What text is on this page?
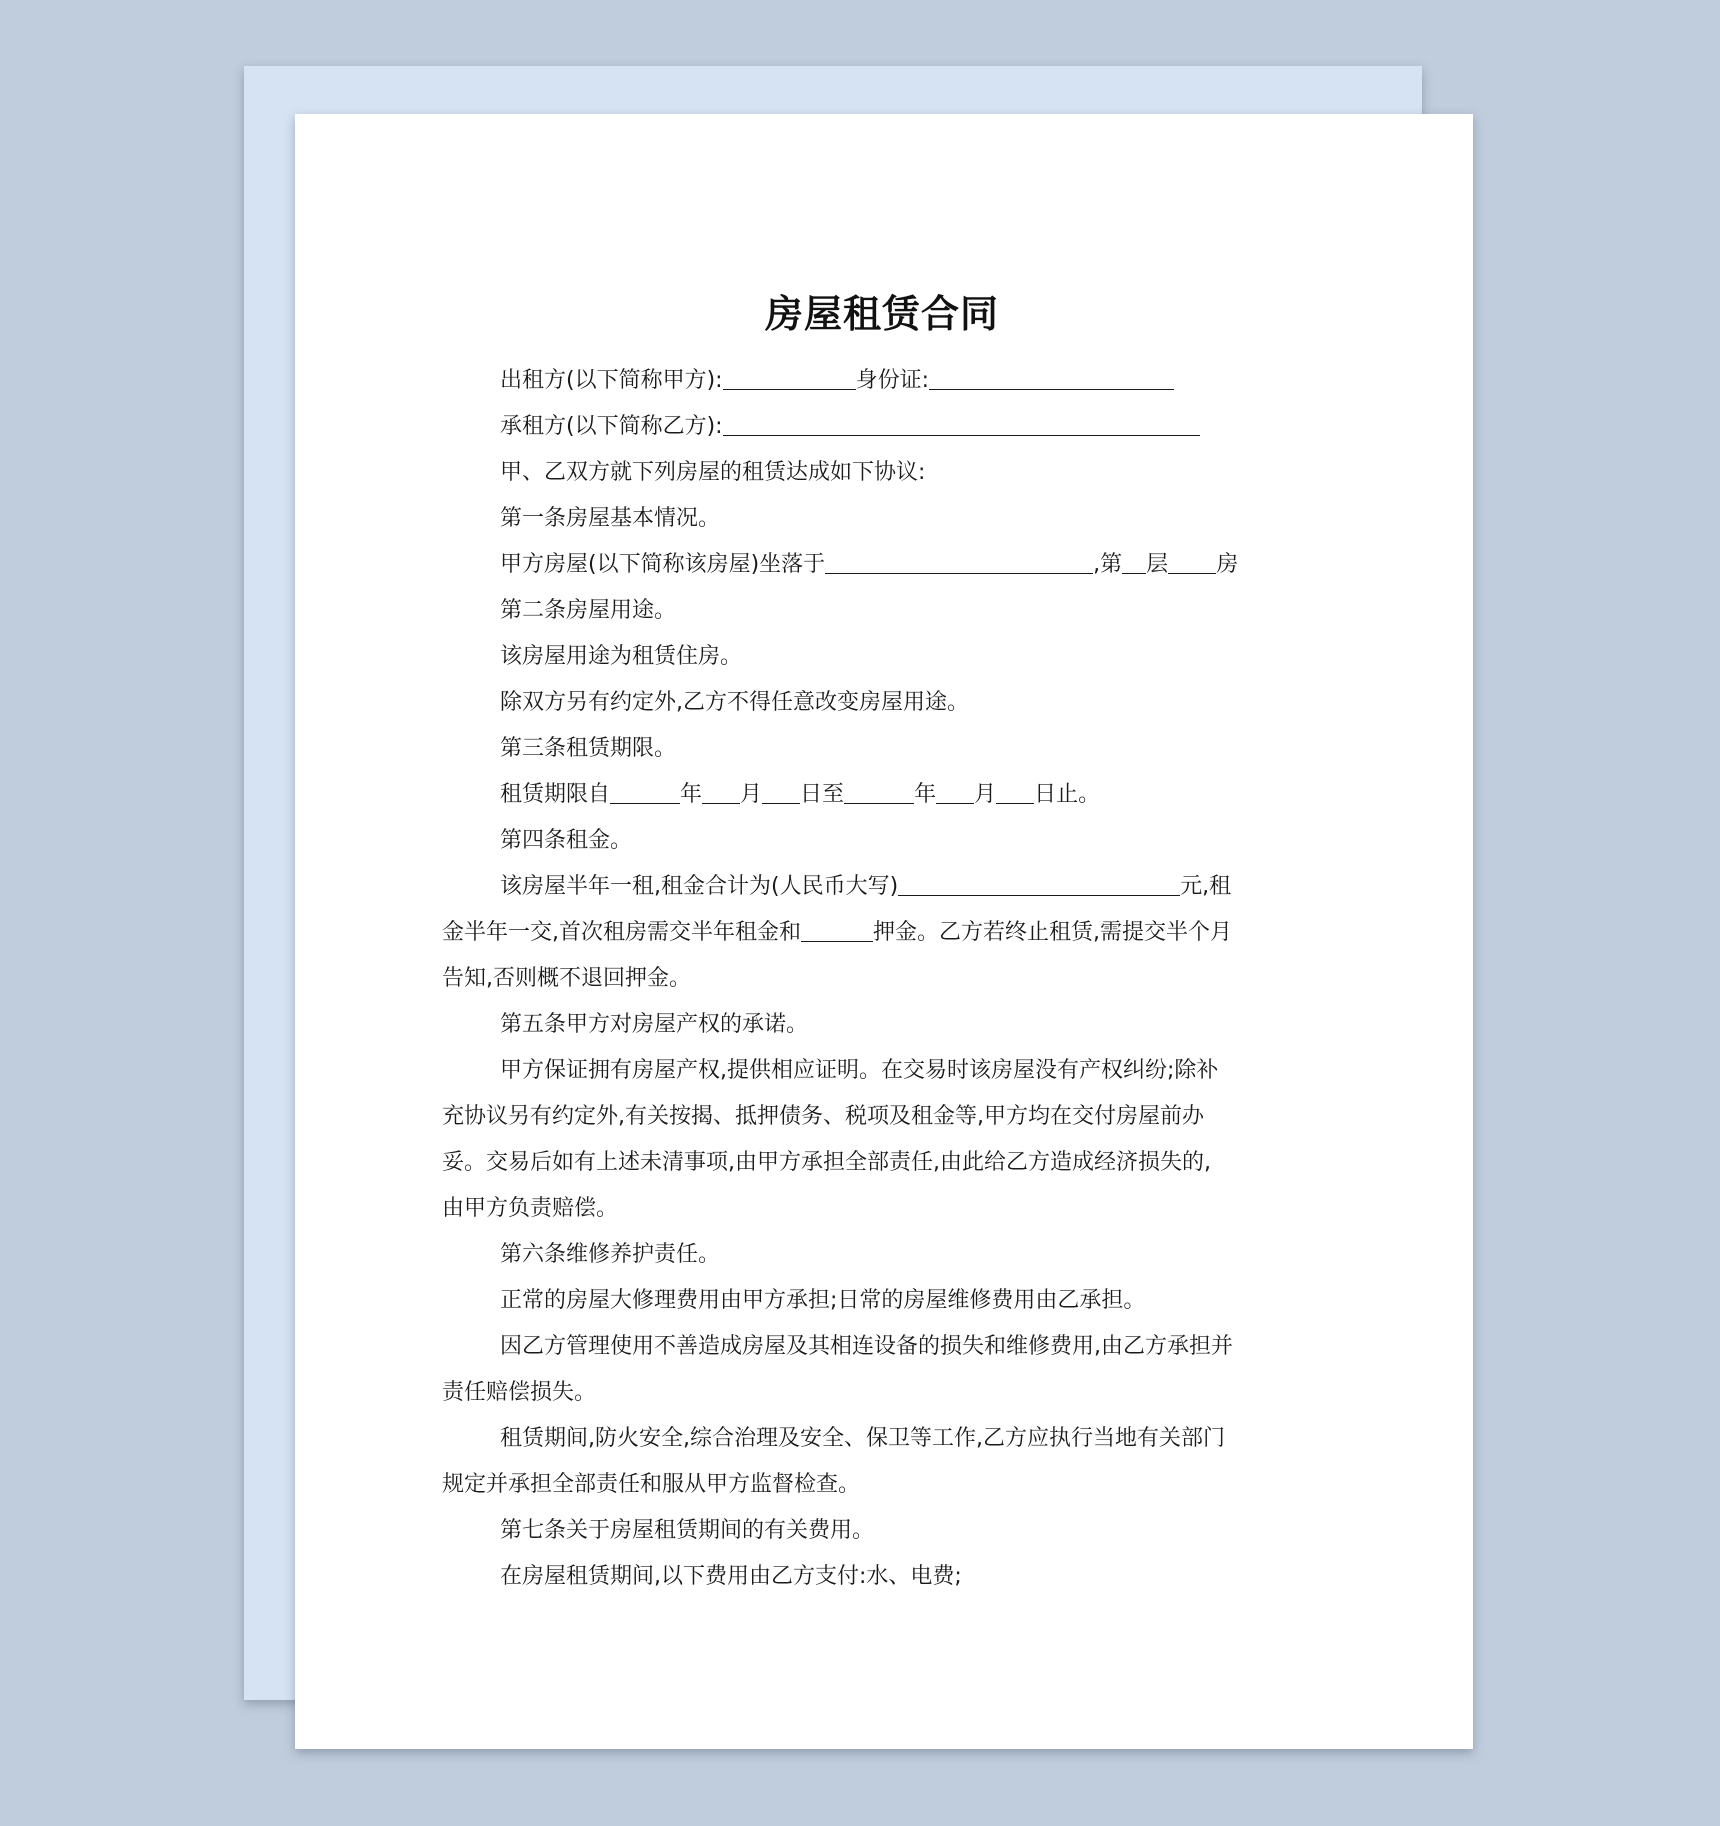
房屋租赁合同

出租方(以下简称甲方):	身份证:

承租方(以下简称乙方):

甲、乙双方就下列房屋的租赁达成如下协议:

第一条房屋基本情况。

甲方房屋(以下简称该房屋)坐落于	,第 层 房

第二条房屋用途。

该房屋用途为租赁住房。

除双方另有约定外,乙方不得任意改变房屋用途。

第三条租赁期限。

租赁期限自	年 月 日至	年 月 日止。

第四条租金。

该房屋半年一租,租金合计为(人民币大写)	元,租

金半年一交,首次租房需交半年租金和	押金。乙方若终止租赁,需提交半个月

告知,否则概不退回押金。

第五条甲方对房屋产权的承诺。

甲方保证拥有房屋产权,提供相应证明。在交易时该房屋没有产权纠纷;除补

充协议另有约定外,有关按揭、抵押债务、税项及租金等,甲方均在交付房屋前办

妥。交易后如有上述未清事项,由甲方承担全部责任,由此给乙方造成经济损失的,

由甲方负责赔偿。

第六条维修养护责任。

正常的房屋大修理费用由甲方承担;日常的房屋维修费用由乙承担。

因乙方管理使用不善造成房屋及其相连设备的损失和维修费用,由乙方承担并

责任赔偿损失。

租赁期间,防火安全,综合治理及安全、保卫等工作,乙方应执行当地有关部门

规定并承担全部责任和服从甲方监督检查。

第七条关于房屋租赁期间的有关费用。

在房屋租赁期间,以下费用由乙方支付:水、电费;
